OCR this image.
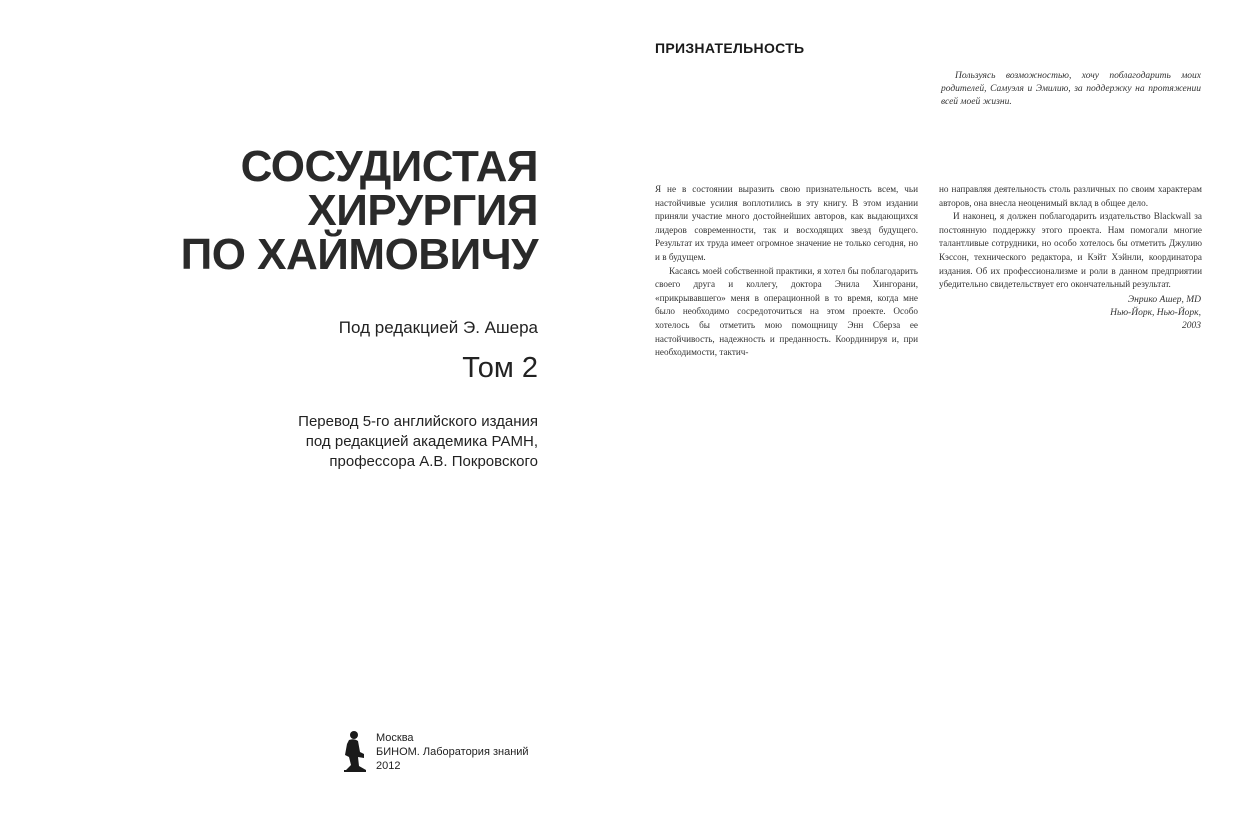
СОСУДИСТАЯ
ХИРУРГИЯ
ПО ХАЙМОВИЧУ
Под редакцией Э. Ашера
Том 2
Перевод 5-го английского издания
под редакцией академика РАМН,
профессора А.В. Покровского
Москва
БИНОМ. Лаборатория знаний
2012
ПРИЗНАТЕЛЬНОСТЬ
Пользуясь возможностью, хочу поблагодарить моих родителей, Самуэля и Эмилию, за поддержку на протяжении всей моей жизни.

Я не в состоянии выразить свою признательность всем, чьи настойчивые усилия воплотились в эту книгу. В этом издании приняли участие много достойнейших авторов, как выдающихся лидеров современности, так и восходящих звезд будущего. Результат их труда имеет огромное значение не только сегодня, но и в будущем.

Касаясь моей собственной практики, я хотел бы поблагодарить своего друга и коллегу, доктора Энила Хингорани, «прикрывавшего» меня в операционной в то время, когда мне было необходимо сосредоточиться на этом проекте. Особо хотелось бы отметить мою помощницу Энн Сберза ее настойчивость, надежность и преданность. Координируя и, при необходимости, тактич-

но направляя деятельность столь различных по своим характерам авторов, она внесла неоценимый вклад в общее дело.

И наконец, я должен поблагодарить издательство Blackwall за постоянную поддержку этого проекта. Нам помогали многие талантливые сотрудники, но особо хотелось бы отметить Джулию Кэссон, технического редактора, и Кэйт Хэйнли, координатора издания. Об их профессионализме и роли в данном предприятии убедительно свидетельствует его окончательный результат.

Энрико Ашер, MD
Нью-Йорк, Нью-Йорк,
2003
